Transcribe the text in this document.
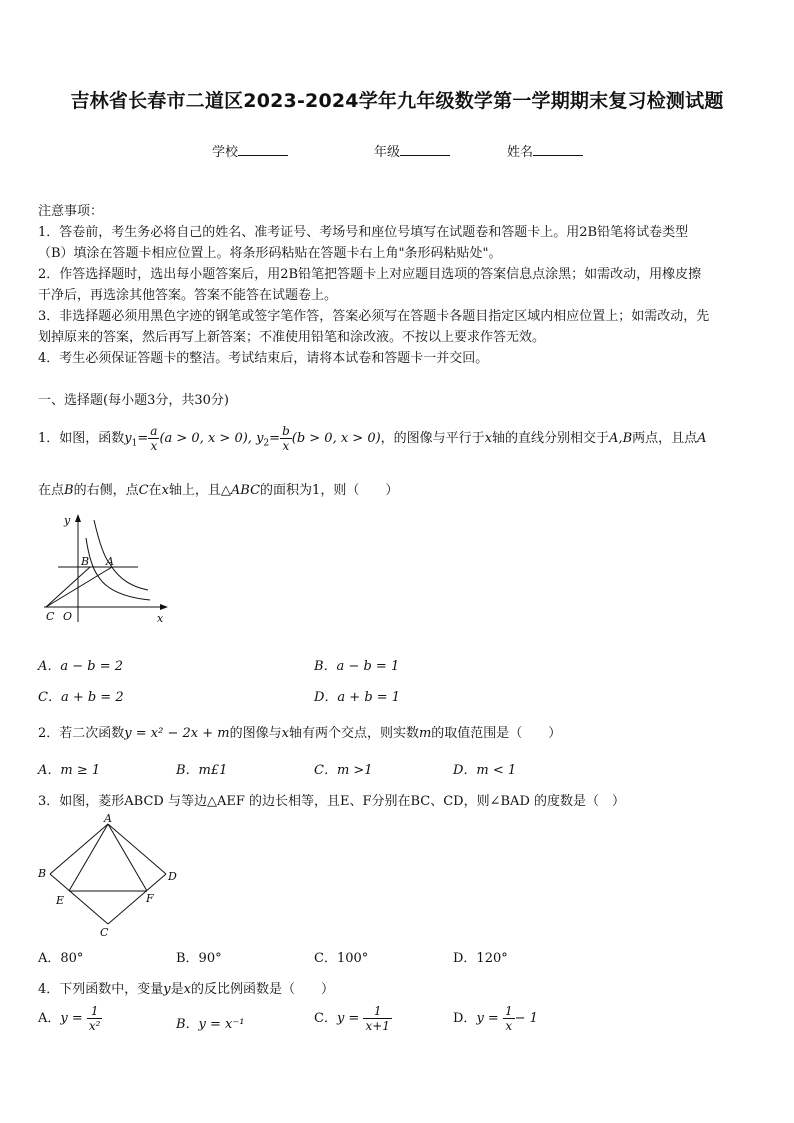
吉林省长春市二道区2023-2024学年九年级数学第一学期期末复习检测试题
学校	年级	姓名
注意事项：
1．答卷前，考生务必将自己的姓名、准考证号、考场号和座位号填写在试题卷和答题卡上。用2B铅笔将试卷类型
（B）填涂在答题卡相应位置上。将条形码粘贴在答题卡右上角"条形码粘贴处"。
2．作答选择题时，选出每小题答案后，用2B铅笔把答题卡上对应题目选项的答案信息点涂黑；如需改动，用橡皮擦
干净后，再选涂其他答案。答案不能答在试题卷上。
3．非选择题必须用黑色字迹的钢笔或签字笔作答，答案必须写在答题卡各题目指定区域内相应位置上；如需改动，先
划掉原来的答案，然后再写上新答案；不准使用铅笔和涂改液。不按以上要求作答无效。
4．考生必须保证答题卡的整洁。考试结束后，请将本试卷和答题卡一并交回。
一、选择题(每小题3分，共30分)
1．如图，函数$y_1= \frac{a}{x} (a > 0$, x > 0), $y_2= \frac{b}{x} (b > 0$, x > 0)，的图像与平行于x轴的直线分别相交于A,B两点，且点A
在点B的右侧，点C在x轴上，且△ABC的面积为1，则（　　）
y
x
B A
C O
A．a − b = 2	B．a − b = 1
C．a + b = 2	D．a + b = 1
2．若二次函数y = x² − 2x + m的图像与x轴有两个交点，则实数m的取值范围是（　　）
A．m ≥ 1	B．m£1	C．m >1	D．m < 1
3．如图，菱形ABCD 与等边△AEF 的边长相等，且E、F分别在BC、CD，则∠BAD 的度数是（　）
A
B	D
E	F
C
A．80°	B．90°	C．100°	D．120°
4．下列函数中，变量y是x的反比例函数是（　　）
A．$y = \frac{1}{\text{x²}}$	B．y = x⁻¹	C．$y = \frac{1}{x+1}$	D．$y = \frac{1}{x} - 1$
